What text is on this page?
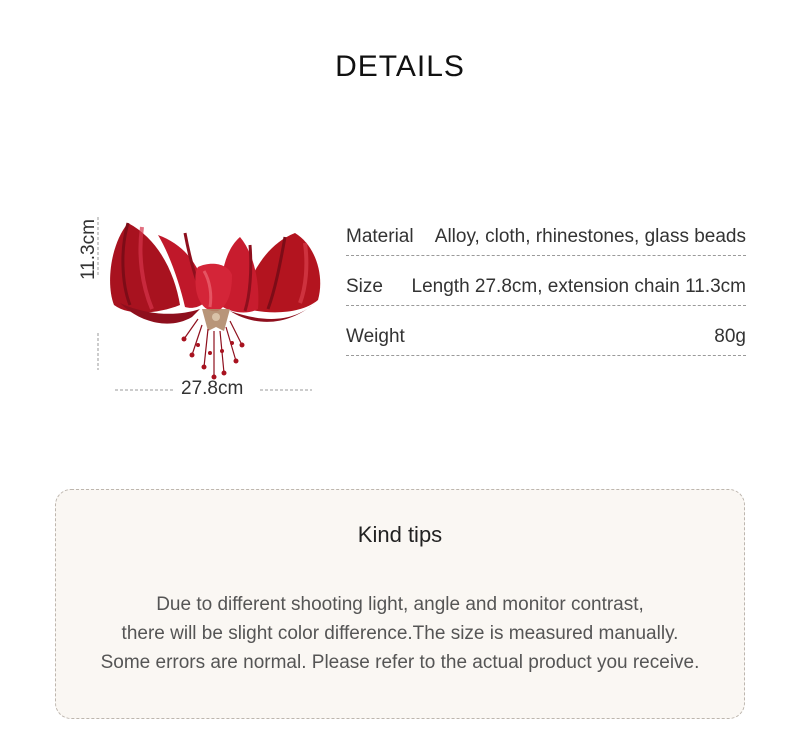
DETAILS
11.3cm
27.8cm
Material Alloy, cloth, rhinestones, glass beads
Size Length 27.8cm, extension chain 11.3cm
Weight	80g
Kind tips
Due to different shooting light, angle and monitor contrast,
there will be slight color difference.The size is measured manually.
Some errors are normal. Please refer to the actual product you receive.
